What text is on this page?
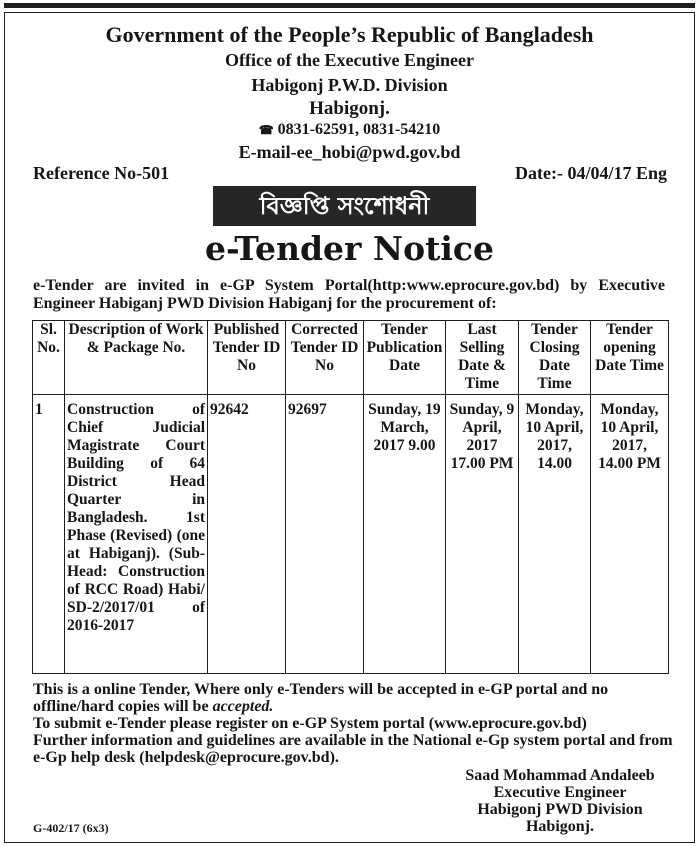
Government of the People’s Republic of Bangladesh
Office of the Executive Engineer
Habigonj P.W.D. Division
Habigonj.
☎ 0831-62591, 0831-54210
E-mail-ee_hobi@pwd.gov.bd
Reference No-501	Date:- 04/04/17 Eng
বিজ্ঞপ্তি সংশোধনী
e-Tender Notice
e-Tender are invited in e-GP System Portal(http:www.eprocure.gov.bd) by Executive Engineer Habiganj PWD Division Habiganj for the procurement of:
Sl. No.	Description of Work & Package No.	Published Tender ID No	Corrected Tender ID No	Tender Publication Date	Last Selling Date & Time	Tender Closing Date Time	Tender opening Date Time
1	Construction of Chief Judicial Magistrate Court Building of 64 District Head Quarter in Bangladesh. 1st Phase (Revised) (one at Habiganj). (Sub-Head: Construction of RCC Road) Habi/ SD-2/2017/01 of 2016-2017	92642	92697	Sunday, 19 March, 2017 9.00	Sunday, 9 April, 2017 17.00 PM	Monday, 10 April, 2017, 14.00	Monday, 10 April, 2017, 14.00 PM

This is a online Tender, Where only e-Tenders will be accepted in e-GP portal and no offline/hard copies will be accepted.

To submit e-Tender please register on e-GP System portal (www.eprocure.gov.bd)

Further information and guidelines are available in the National e-Gp system portal and from e-Gp help desk (helpdesk@eprocure.gov.bd).

Saad Mohammad Andaleeb
Executive Engineer
Habigonj PWD Division
Habigonj.
G-402/17 (6x3)
